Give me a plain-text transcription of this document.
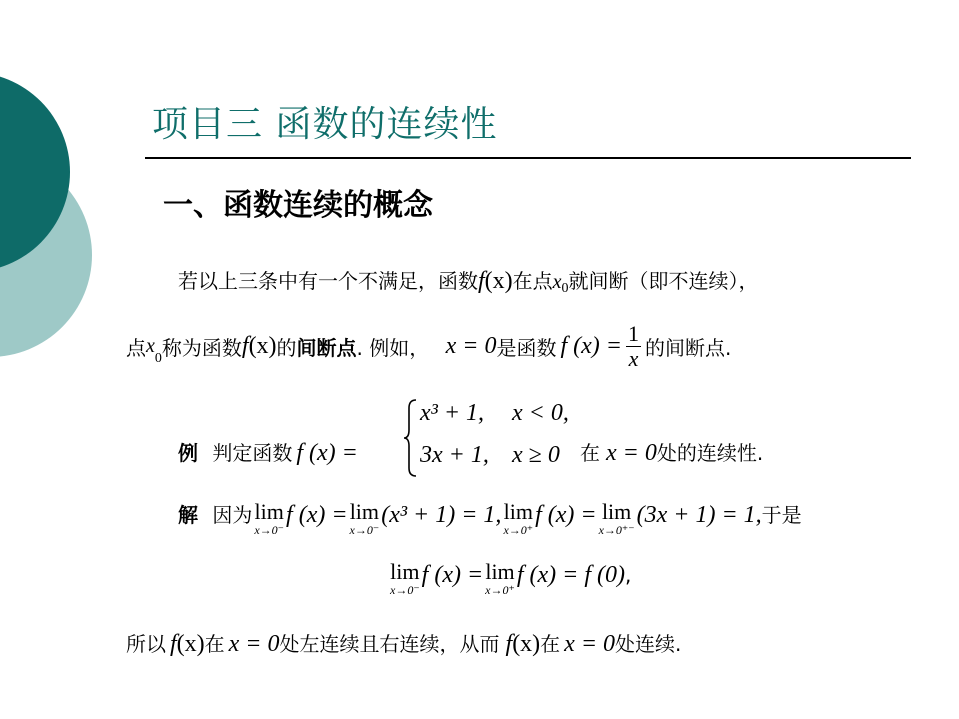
项目三 函数的连续性
一、函数连续的概念
若以上三条中有一个不满足，函数f(x)在点$x_0$就间断（即不连续），
点$x_0$称为函数f(x)的间断点. 例如， x = 0是函数 f $(x) = \frac{1}{x}$ 的间断点.
例 判定函数 f (x) =
x³ + 1, x < 0,
3x + 1, x ≥ 0 在 x = 0处的连续性.
解 因为 lim
x→0⁻
f (x) = lim
x→0⁻
(x³ + 1) = 1, lim
x→0⁺
f (x) = lim
x→0⁺⁻
(3x + 1) = 1,于是
lim
x→0⁻
f (x) = lim
x→0⁺
f (x) = f (0),
所以 f(x)在 x = 0处左连续且右连续，从而 f(x)在 x = 0处连续.
